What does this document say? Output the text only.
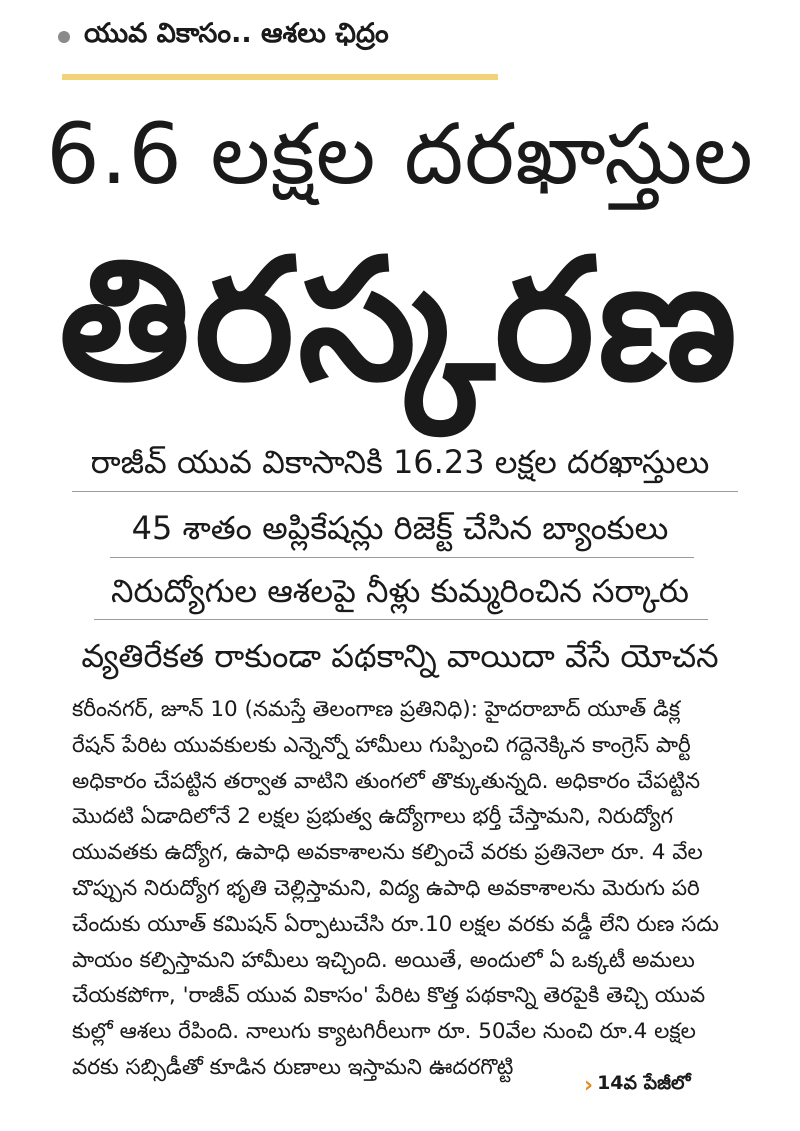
యువ వికాసం.. ఆశలు ఛిద్రం
6.6 లక్షల దరఖాస్తుల
తిరస్కరణ
రాజీవ్ యువ వికాసానికి 16.23 లక్షల దరఖాస్తులు
45 శాతం అప్లికేషన్లు రిజెక్ట్ చేసిన బ్యాంకులు
నిరుద్యోగుల ఆశలపై నీళ్లు కుమ్మరించిన సర్కారు
వ్యతిరేకత రాకుండా పథకాన్ని వాయిదా వేసే యోచన
కరీంనగర్, జూన్ 10 (నమస్తే తెలంగాణ ప్రతినిధి): హైదరాబాద్ యూత్ డిక్ల
రేషన్ పేరిట యువకులకు ఎన్నెన్నో హామీలు గుప్పించి గద్దెనెక్కిన కాంగ్రెస్ పార్టీ
అధికారం చేపట్టిన తర్వాత వాటిని తుంగలో తొక్కుతున్నది. అధికారం చేపట్టిన
మొదటి ఏడాదిలోనే 2 లక్షల ప్రభుత్వ ఉద్యోగాలు భర్తీ చేస్తామని, నిరుద్యోగ
యువతకు ఉద్యోగ, ఉపాధి అవకాశాలను కల్పించే వరకు ప్రతినెలా రూ. 4 వేల
చొప్పున నిరుద్యోగ భృతి చెల్లిస్తామని, విద్య ఉపాధి అవకాశాలను మెరుగు పరి
చేందుకు యూత్ కమిషన్ ఏర్పాటుచేసి రూ.10 లక్షల వరకు వడ్డీ లేని రుణ సదు
పాయం కల్పిస్తామని హామీలు ఇచ్చింది. అయితే, అందులో ఏ ఒక్కటీ అమలు
చేయకపోగా, 'రాజీవ్ యువ వికాసం' పేరిట కొత్త పథకాన్ని తెరపైకి తెచ్చి యువ
కుల్లో ఆశలు రేపింది. నాలుగు క్యాటగిరీలుగా రూ. 50వేల నుంచి రూ.4 లక్షల
వరకు సబ్సిడీతో కూడిన రుణాలు ఇస్తామని ఊదరగొట్టి
› 14వ పేజీలో
